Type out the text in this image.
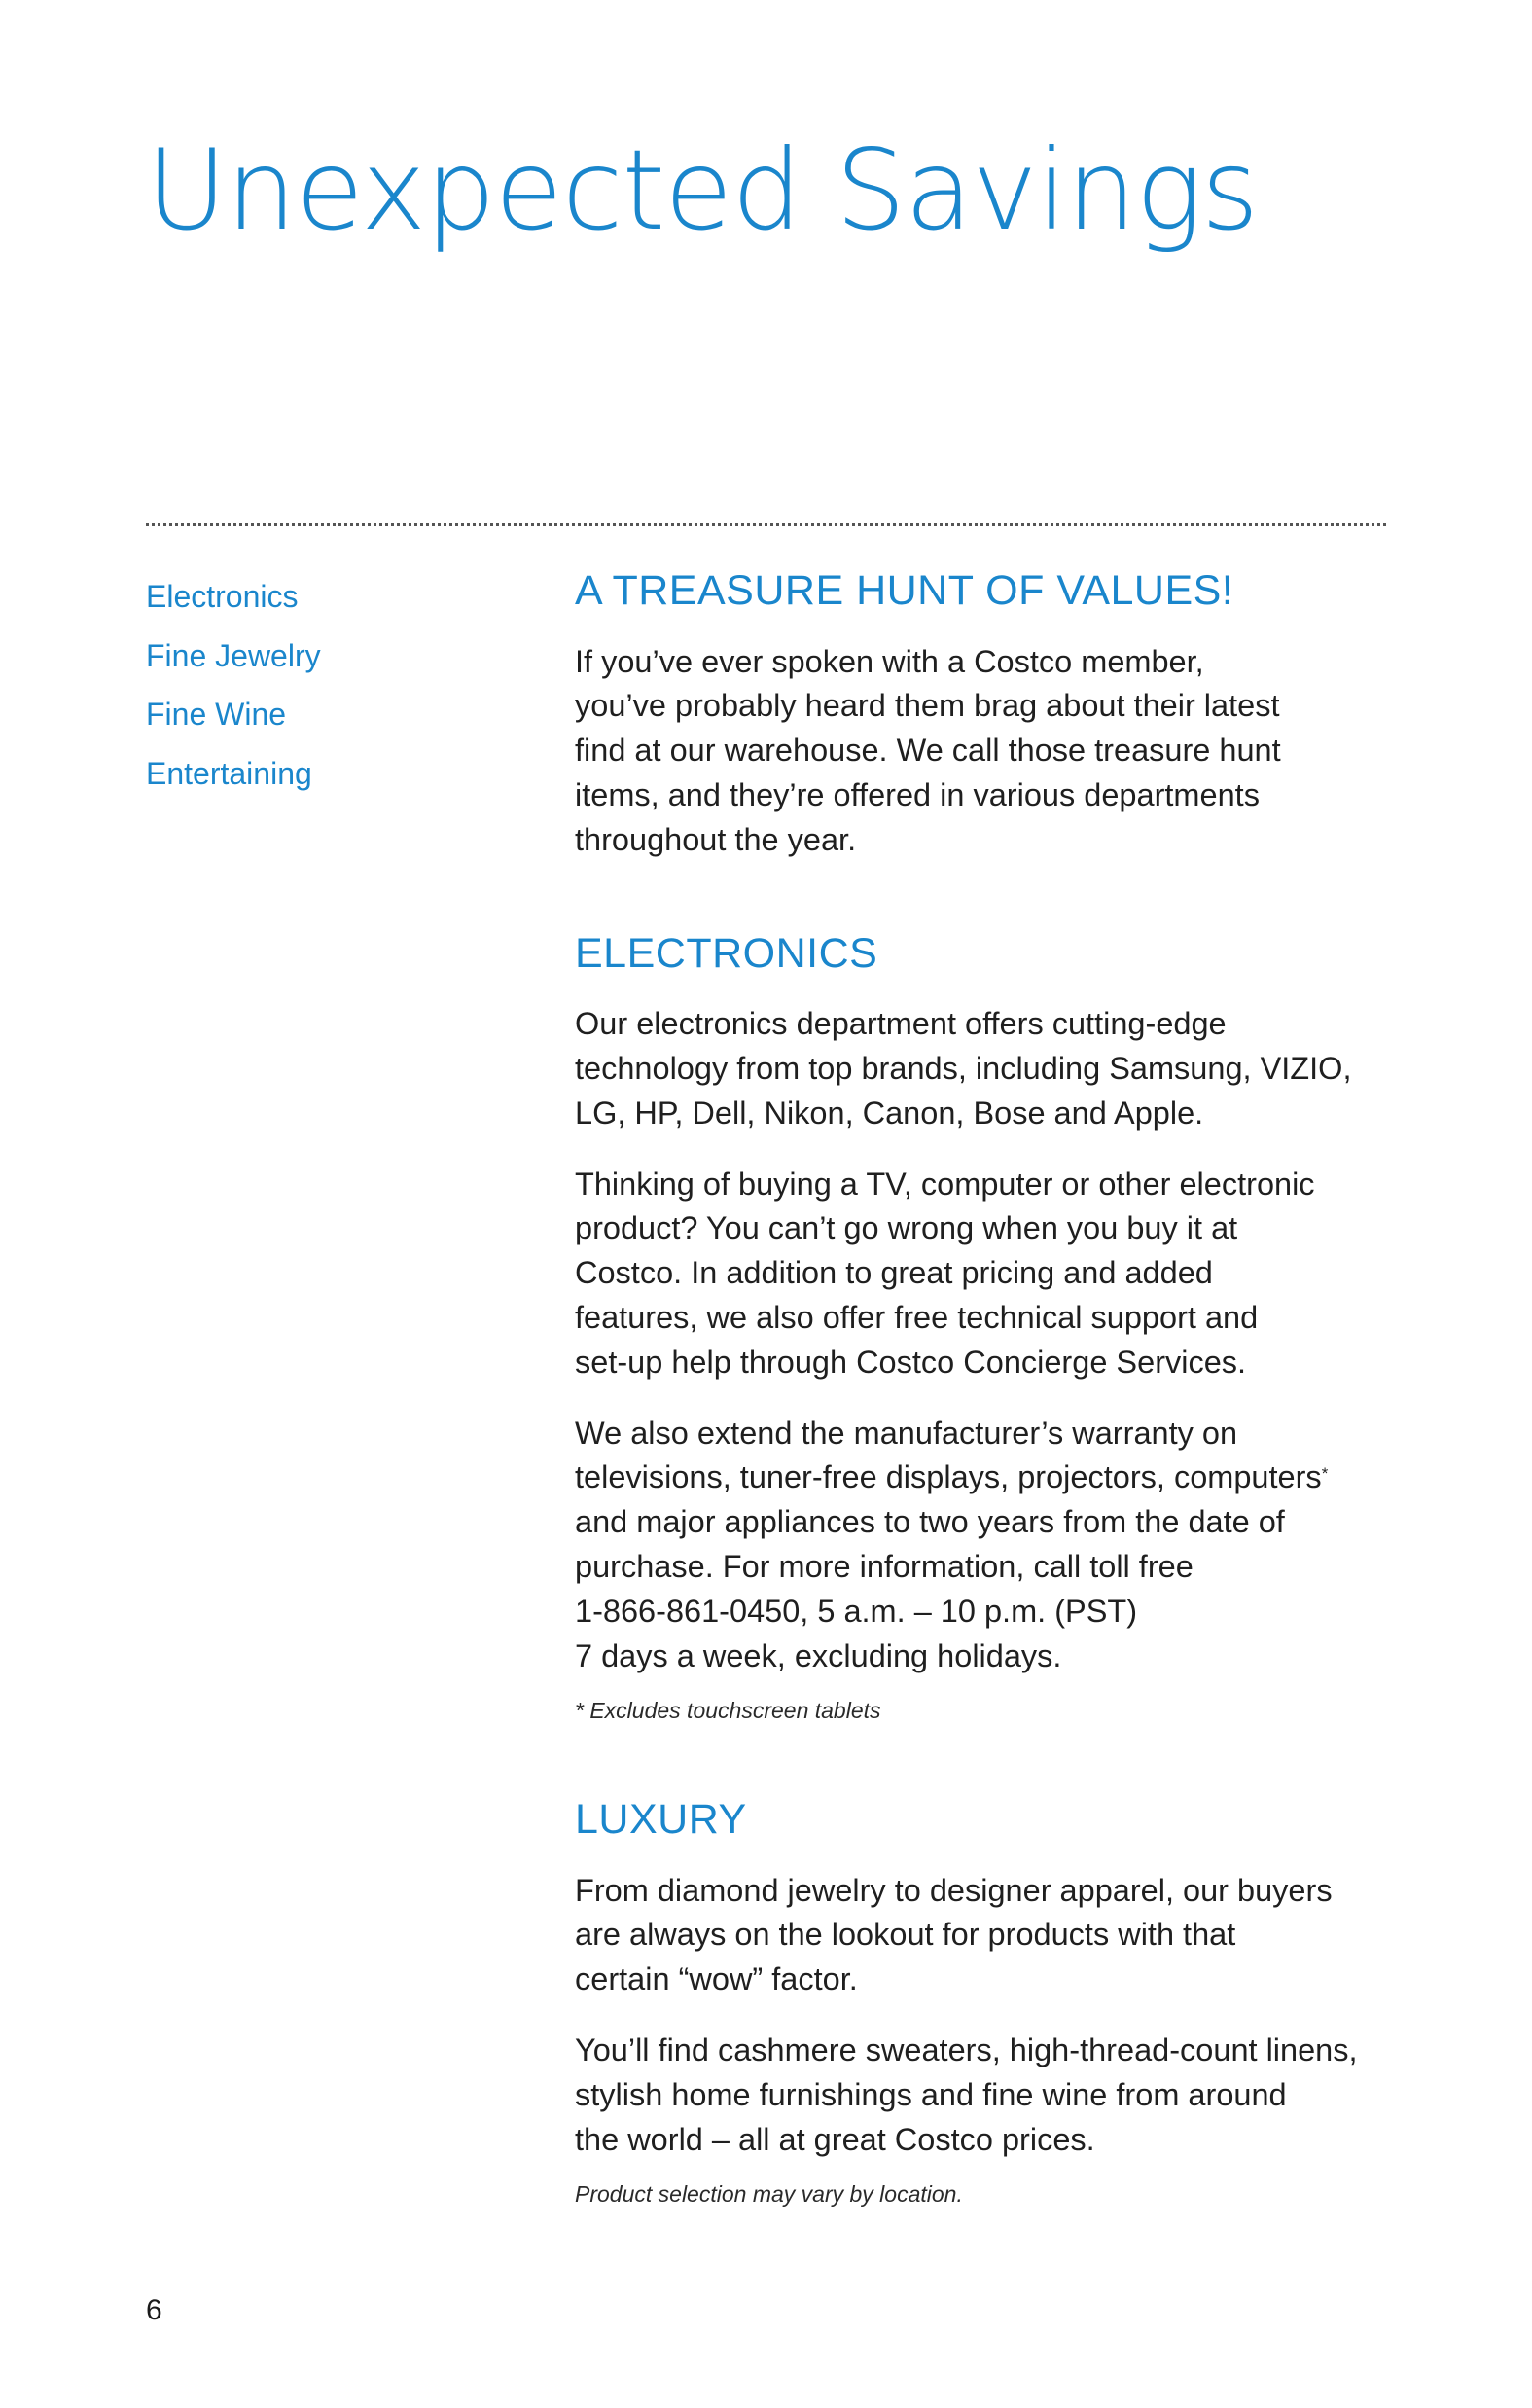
Unexpected Savings
Electronics
Fine Jewelry
Fine Wine
Entertaining
A TREASURE HUNT OF VALUES!

If you’ve ever spoken with a Costco member,
you’ve probably heard them brag about their latest
find at our warehouse. We call those treasure hunt
items, and they’re offered in various departments
throughout the year.

ELECTRONICS

Our electronics department offers cutting-edge
technology from top brands, including Samsung, VIZIO,
LG, HP, Dell, Nikon, Canon, Bose and Apple.

Thinking of buying a TV, computer or other electronic
product? You can’t go wrong when you buy it at
Costco. In addition to great pricing and added
features, we also offer free technical support and
set-up help through Costco Concierge Services.

We also extend the manufacturer’s warranty on
televisions, tuner-free displays, projectors, computers*
and major appliances to two years from the date of
purchase. For more information, call toll free
1-866-861-0450, 5 a.m. – 10 p.m. (PST)
7 days a week, excluding holidays.

* Excludes touchscreen tablets

LUXURY

From diamond jewelry to designer apparel, our buyers
are always on the lookout for products with that
certain “wow” factor.

You’ll find cashmere sweaters, high-thread-count linens,
stylish home furnishings and fine wine from around
the world – all at great Costco prices.

Product selection may vary by location.

6
